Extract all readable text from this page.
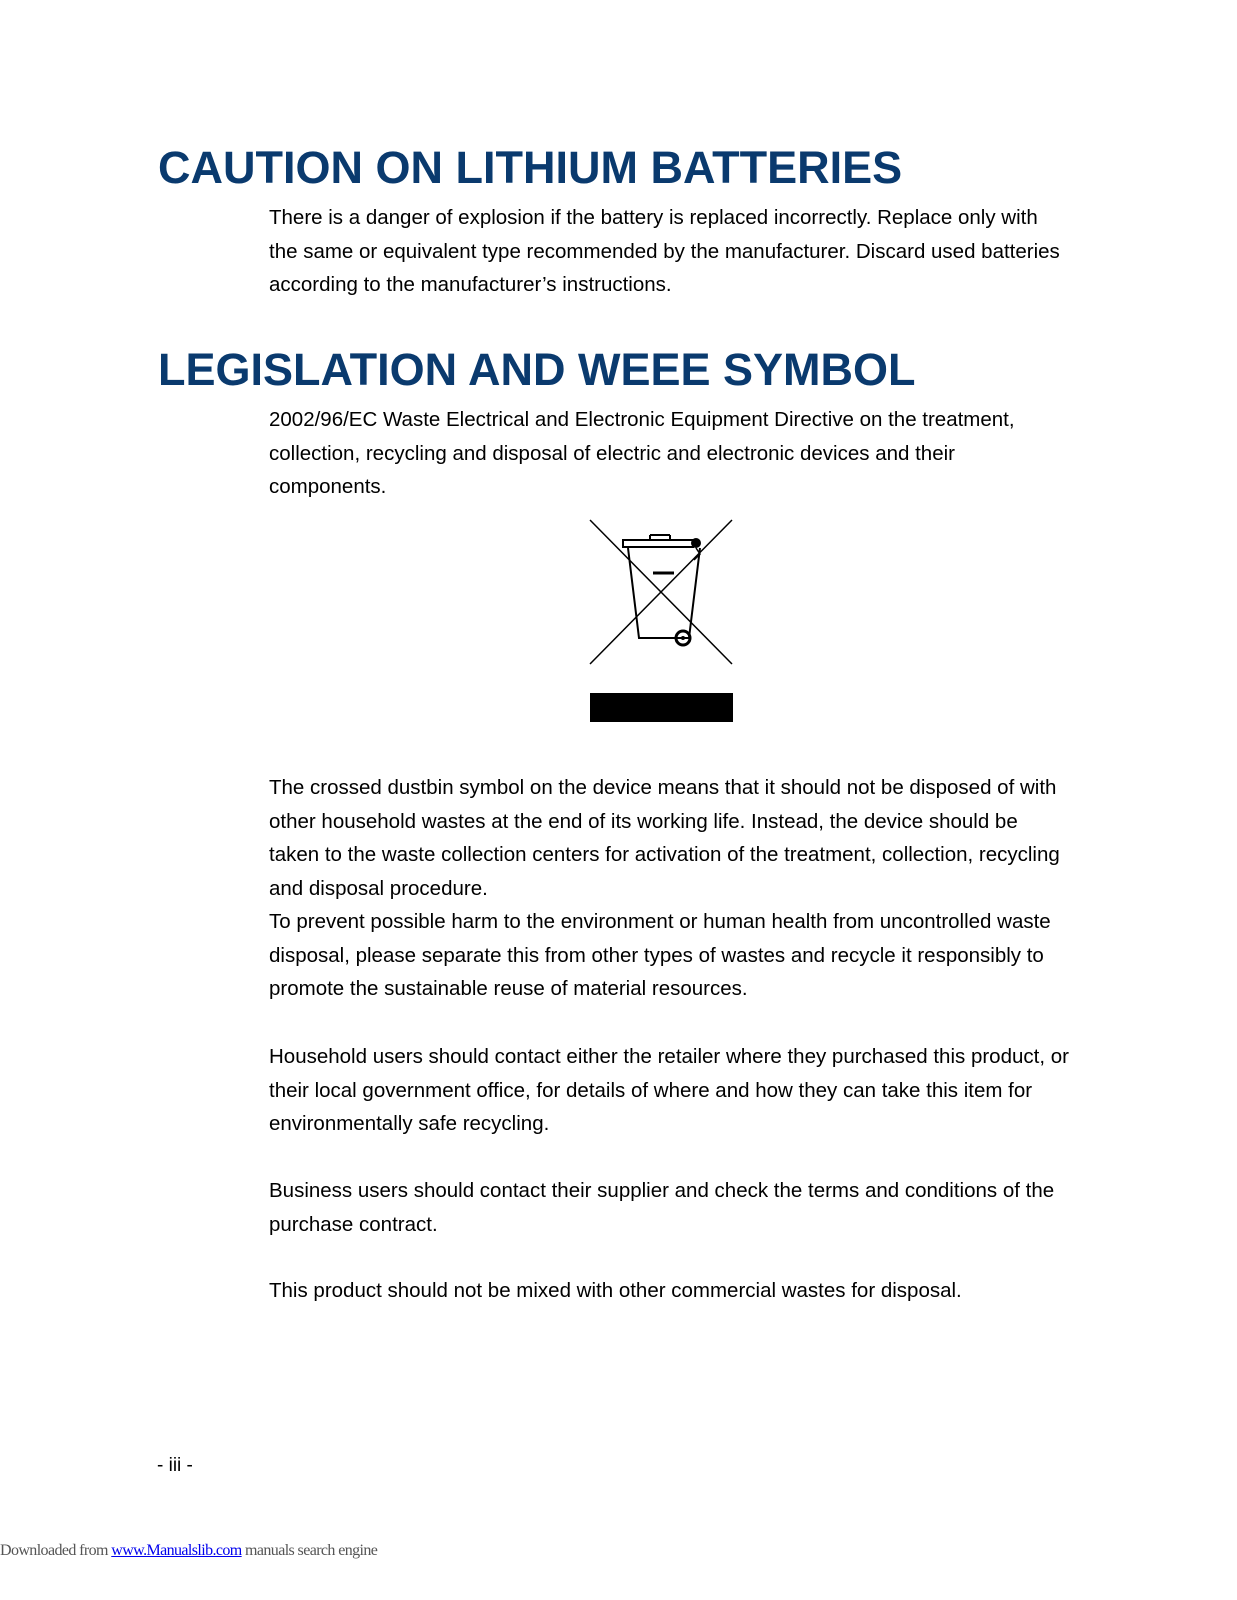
CAUTION ON LITHIUM BATTERIES

There is a danger of explosion if the battery is replaced incorrectly. Replace only with the same or equivalent type recommended by the manufacturer. Discard used batteries according to the manufacturer’s instructions.

LEGISLATION AND WEEE SYMBOL

2002/96/EC Waste Electrical and Electronic Equipment Directive on the treatment, collection, recycling and disposal of electric and electronic devices and their components.

The crossed dustbin symbol on the device means that it should not be disposed of with other household wastes at the end of its working life. Instead, the device should be taken to the waste collection centers for activation of the treatment, collection, recycling and disposal procedure.

To prevent possible harm to the environment or human health from uncontrolled waste disposal, please separate this from other types of wastes and recycle it responsibly to promote the sustainable reuse of material resources.

Household users should contact either the retailer where they purchased this product, or their local government office, for details of where and how they can take this item for environmentally safe recycling.

Business users should contact their supplier and check the terms and conditions of the purchase contract.

This product should not be mixed with other commercial wastes for disposal.

- iii -
Downloaded from www.Manualslib.com manuals search engine
